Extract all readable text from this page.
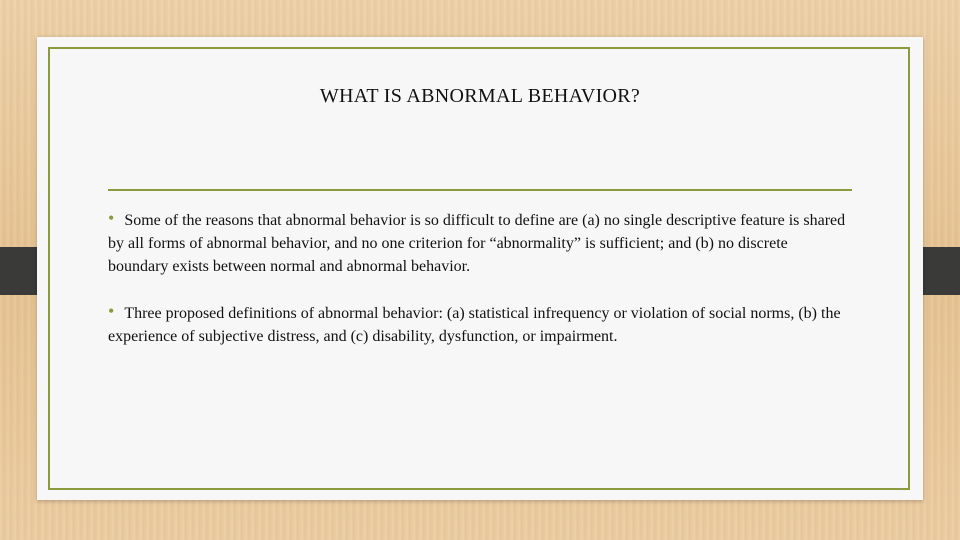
WHAT IS ABNORMAL BEHAVIOR?
• Some of the reasons that abnormal behavior is so difficult to define are (a) no single descriptive feature is shared by all forms of abnormal behavior, and no one criterion for “abnormality” is sufficient; and (b) no discrete boundary exists between normal and abnormal behavior.
• Three proposed definitions of abnormal behavior: (a) statistical infrequency or violation of social norms, (b) the experience of subjective distress, and (c) disability, dysfunction, or impairment.
